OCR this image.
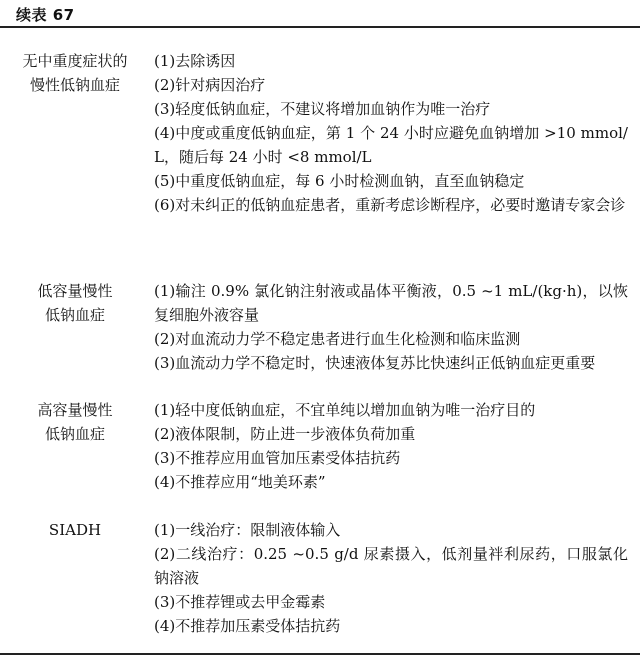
续表 67
无中重度症状的
慢性低钠血症

(1)去除诱因

(2)针对病因治疗

(3)轻度低钠血症，不建议将增加血钠作为唯一治疗

(4)中度或重度低钠血症，第 1 个 24 小时应避免血钠增加 >10 mmol/L，随后每 24 小时 <8 mmol/L

(5)中重度低钠血症，每 6 小时检测血钠，直至血钠稳定

(6)对未纠正的低钠血症患者，重新考虑诊断程序，必要时邀请专家会诊

低容量慢性
低钠血症

(1)输注 0.9% 氯化钠注射液或晶体平衡液，0.5 ~1 mL/(kg·h)，以恢复细胞外液容量

(2)对血流动力学不稳定患者进行血生化检测和临床监测

(3)血流动力学不稳定时，快速液体复苏比快速纠正低钠血症更重要

高容量慢性
低钠血症

(1)轻中度低钠血症，不宜单纯以增加血钠为唯一治疗目的

(2)液体限制，防止进一步液体负荷加重

(3)不推荐应用血管加压素受体拮抗药

(4)不推荐应用“地美环素”

SIADH	(1)一线治疗：限制液体输入

(2)二线治疗：0.25 ~0.5 g/d 尿素摄入，低剂量袢利尿药，口服氯化钠溶液

(3)不推荐锂或去甲金霉素

(4)不推荐加压素受体拮抗药
